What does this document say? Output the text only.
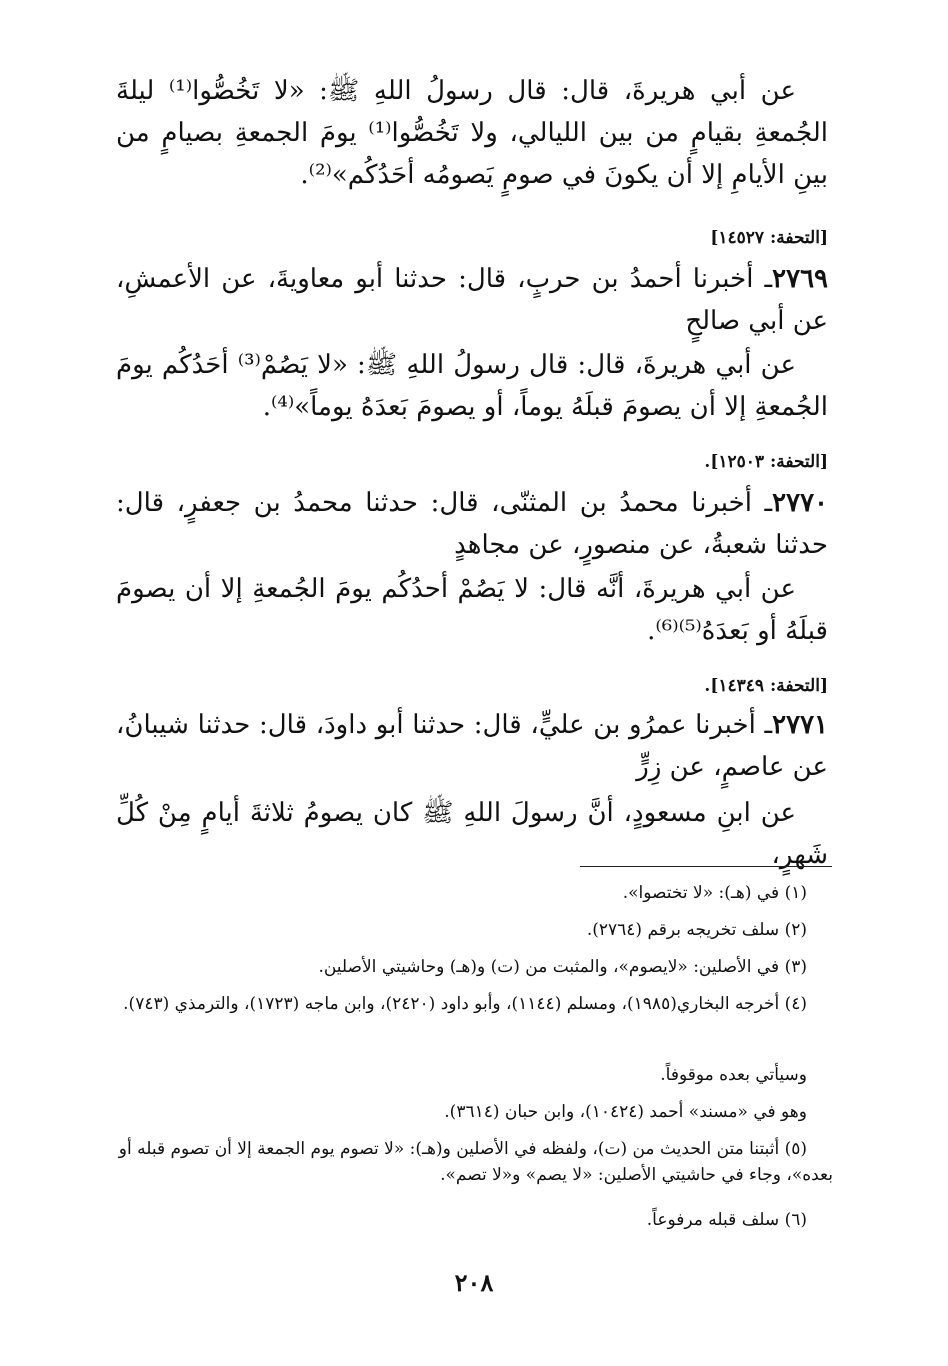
عن أبي هريرةَ، قال: قال رسولُ اللهِ ﷺ: «لا تَخُصُّوا⁽¹⁾ ليلةَ الجُمعةِ بقيامٍ من بين الليالي، ولا تَخُصُّوا⁽¹⁾ يومَ الجمعةِ بصيامٍ من بينِ الأيامِ إلا أن يكونَ في صومٍ يَصومُه أحَدُكُم»⁽²⁾.

[التحفة: ١٤٥٢٧]

٢٧٦٩ـ أخبرنا أحمدُ بن حربٍ، قال: حدثنا أبو معاويةَ، عن الأعمشِ، عن أبي صالحٍ

عن أبي هريرةَ، قال: قال رسولُ اللهِ ﷺ: «لا يَصُمْ⁽³⁾ أحَدُكُم يومَ الجُمعةِ إلا أن يصومَ قبلَهُ يوماً، أو يصومَ بَعدَهُ يوماً»⁽⁴⁾.

[التحفة: ١٢٥٠٣].

٢٧٧٠ـ أخبرنا محمدُ بن المثنّى، قال: حدثنا محمدُ بن جعفرٍ، قال: حدثنا شعبةُ، عن منصورٍ، عن مجاهدٍ

عن أبي هريرةَ، أنَّه قال: لا يَصُمْ أحدُكُم يومَ الجُمعةِ إلا أن يصومَ قبلَهُ أو بَعدَهُ⁽⁵⁾⁽⁶⁾.

[التحفة: ١٤٣٤٩].

٢٧٧١ـ أخبرنا عمرُو بن عليٍّ، قال: حدثنا أبو داودَ، قال: حدثنا شيبانُ، عن عاصمٍ، عن زِرٍّ

عن ابنِ مسعودٍ، أنَّ رسولَ اللهِ ﷺ كان يصومُ ثلاثةَ أيامٍ مِنْ كُلِّ شَهرٍ،

(١) في (هـ): «لا تختصوا».

(٢) سلف تخريجه برقم (٢٧٦٤).

(٣) في الأصلين: «لايصوم»، والمثبت من (ت) و(هـ) وحاشيتي الأصلين.

(٤) أخرجه البخاري(١٩٨٥)، ومسلم (١١٤٤)، وأبو داود (٢٤٢٠)، وابن ماجه (١٧٢٣)، والترمذي (٧٤٣).

وسيأتي بعده موقوفاً.

وهو في «مسند» أحمد (١٠٤٢٤)، وابن حبان (٣٦١٤).

(٥) أثبتنا متن الحديث من (ت)، ولفظه في الأصلين و(هـ): «لا تصوم يوم الجمعة إلا أن تصوم قبله أو بعده»، وجاء في حاشيتي الأصلين: «لا يصم» و«لا تصم».

(٦) سلف قبله مرفوعاً.

٢٠٨
